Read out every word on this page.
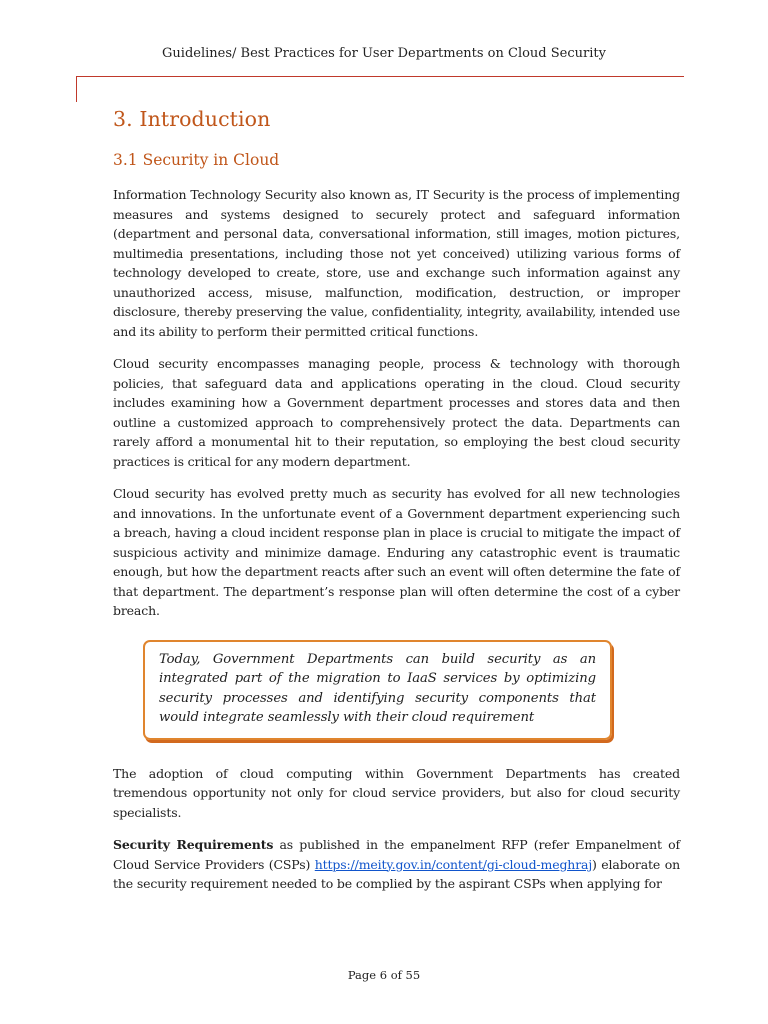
Guidelines/ Best Practices for User Departments on Cloud Security
3. Introduction
3.1 Security in Cloud

Information Technology Security also known as, IT Security is the process of implementing measures and systems designed to securely protect and safeguard information (department and personal data, conversational information, still images, motion pictures, multimedia presentations, including those not yet conceived) utilizing various forms of technology developed to create, store, use and exchange such information against any unauthorized access, misuse, malfunction, modification, destruction, or improper disclosure, thereby preserving the value, confidentiality, integrity, availability, intended use and its ability to perform their permitted critical functions.

Cloud security encompasses managing people, process & technology with thorough policies, that safeguard data and applications operating in the cloud. Cloud security includes examining how a Government department processes and stores data and then outline a customized approach to comprehensively protect the data. Departments can rarely afford a monumental hit to their reputation, so employing the best cloud security practices is critical for any modern department.

Cloud security has evolved pretty much as security has evolved for all new technologies and innovations. In the unfortunate event of a Government department experiencing such a breach, having a cloud incident response plan in place is crucial to mitigate the impact of suspicious activity and minimize damage. Enduring any catastrophic event is traumatic enough, but how the department reacts after such an event will often determine the fate of that department. The department’s response plan will often determine the cost of a cyber breach.

Today, Government Departments can build security as an integrated part of the migration to IaaS services by optimizing security processes and identifying security components that would integrate seamlessly with their cloud requirement

The adoption of cloud computing within Government Departments has created tremendous opportunity not only for cloud service providers, but also for cloud security specialists.

Security Requirements as published in the empanelment RFP (refer Empanelment of Cloud Service Providers (CSPs) https://meity.gov.in/content/gi-cloud-meghraj) elaborate on the security requirement needed to be complied by the aspirant CSPs when applying for

Page 6 of 55
